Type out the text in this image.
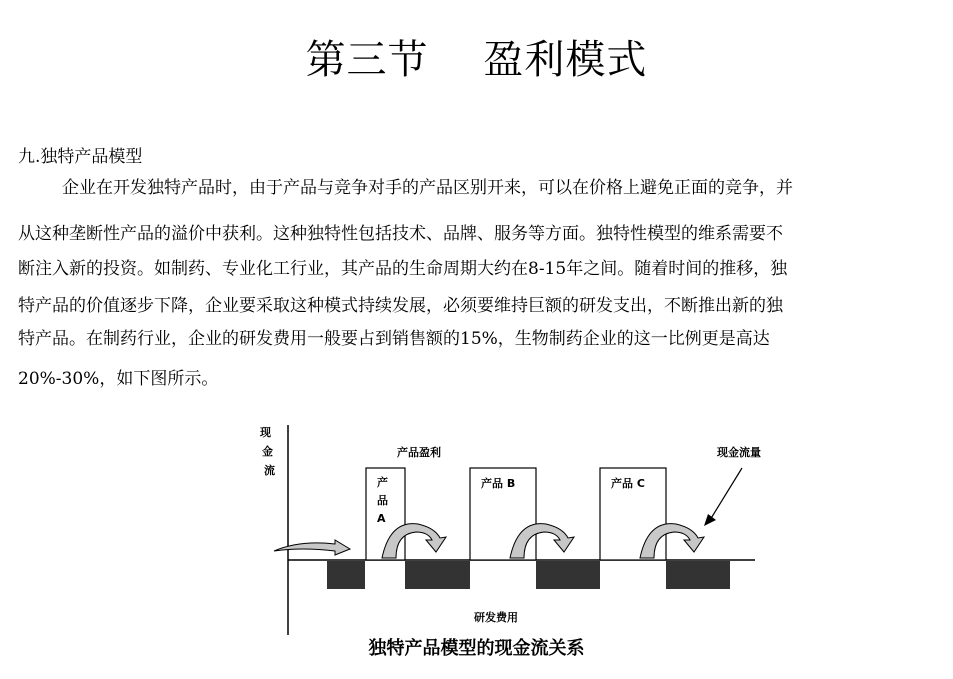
第三节    盈利模式
九.独特产品模型
企业在开发独特产品时，由于产品与竞争对手的产品区别开来，可以在价格上避免正面的竞争，并
从这种垄断性产品的溢价中获利。这种独特性包括技术、品牌、服务等方面。独特性模型的维系需要不
断注入新的投资。如制药、专业化工行业，其产品的生命周期大约在8-15年之间。随着时间的推移，独
特产品的价值逐步下降，企业要采取这种模式持续发展，必须要维持巨额的研发支出，不断推出新的独
特产品。在制药行业，企业的研发费用一般要占到销售额的15%，生物制药企业的这一比例更是高达
20%-30%，如下图所示。
现
金
流
产品盈利	现金流量
研发费用
产
品
A
产品 B	产品 C
独特产品模型的现金流关系
